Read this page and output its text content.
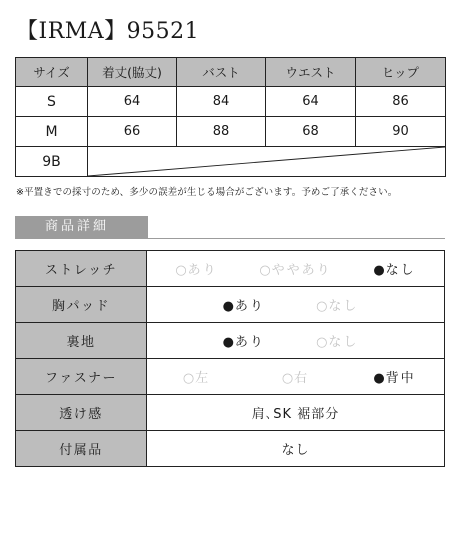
【IRMA】95521
サイズ	着丈(脇丈)	バスト	ウエスト	ヒップ
S	64	84	64	86
M	66	88	68	90
9B	
※平置きでの採寸のため、多少の誤差が生じる場合がございます。予めご了承ください。
商品詳細
ストレッチ	○あり ○ややあり ●なし

胸パッド	●あり ○なし

裏地	●あり ○なし

ファスナー	○左 ○右 ●背中

透け感	肩､SK 裾部分
付属品	なし
